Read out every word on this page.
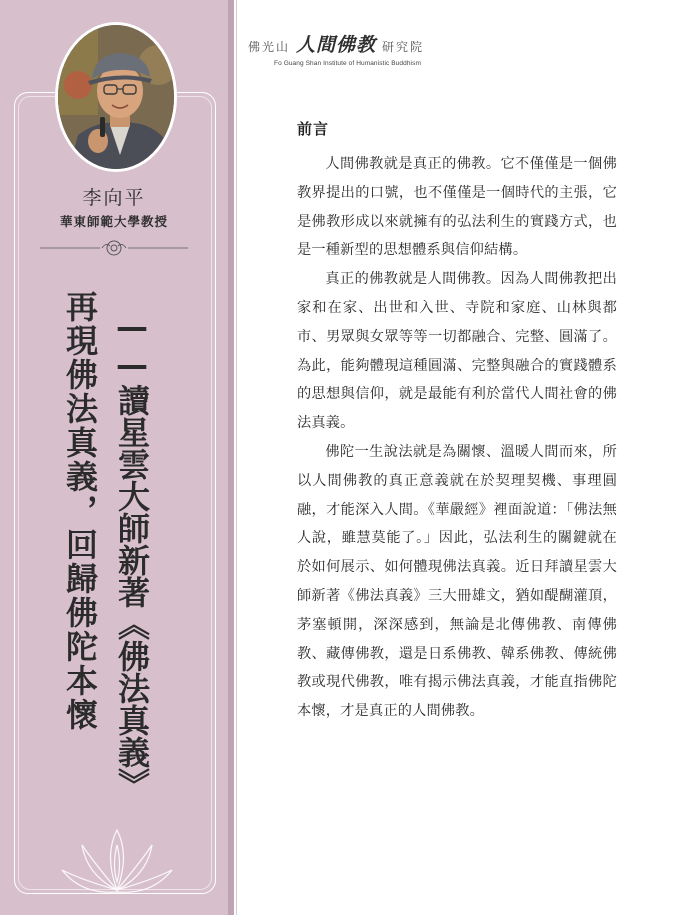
李向平
華東師範大學教授
——讀星雲大師新著《佛法真義》
再現佛法真義，回歸佛陀本懷
佛光山 人間佛教 研究院
Fo Guang Shan Institute of Humanistic Buddhism
前言

人間佛教就是真正的佛教。它不僅僅是一個佛教界提出的口號，也不僅僅是一個時代的主張，它是佛教形成以來就擁有的弘法利生的實踐方式，也是一種新型的思想體系與信仰結構。

真正的佛教就是人間佛教。因為人間佛教把出家和在家、出世和入世、寺院和家庭、山林與都市、男眾與女眾等等一切都融合、完整、圓滿了。為此，能夠體現這種圓滿、完整與融合的實踐體系的思想與信仰，就是最能有利於當代人間社會的佛法真義。

佛陀一生說法就是為關懷、溫暖人間而來，所以人間佛教的真正意義就在於契理契機、事理圓融，才能深入人間。《華嚴經》裡面說道：「佛法無人說，雖慧莫能了。」因此，弘法利生的關鍵就在於如何展示、如何體現佛法真義。近日拜讀星雲大師新著《佛法真義》三大冊雄文，猶如醍醐灌頂，茅塞頓開，深深感到，無論是北傳佛教、南傳佛教、藏傳佛教，還是日系佛教、韓系佛教、傳統佛教或現代佛教，唯有揭示佛法真義，才能直指佛陀本懷，才是真正的人間佛教。
